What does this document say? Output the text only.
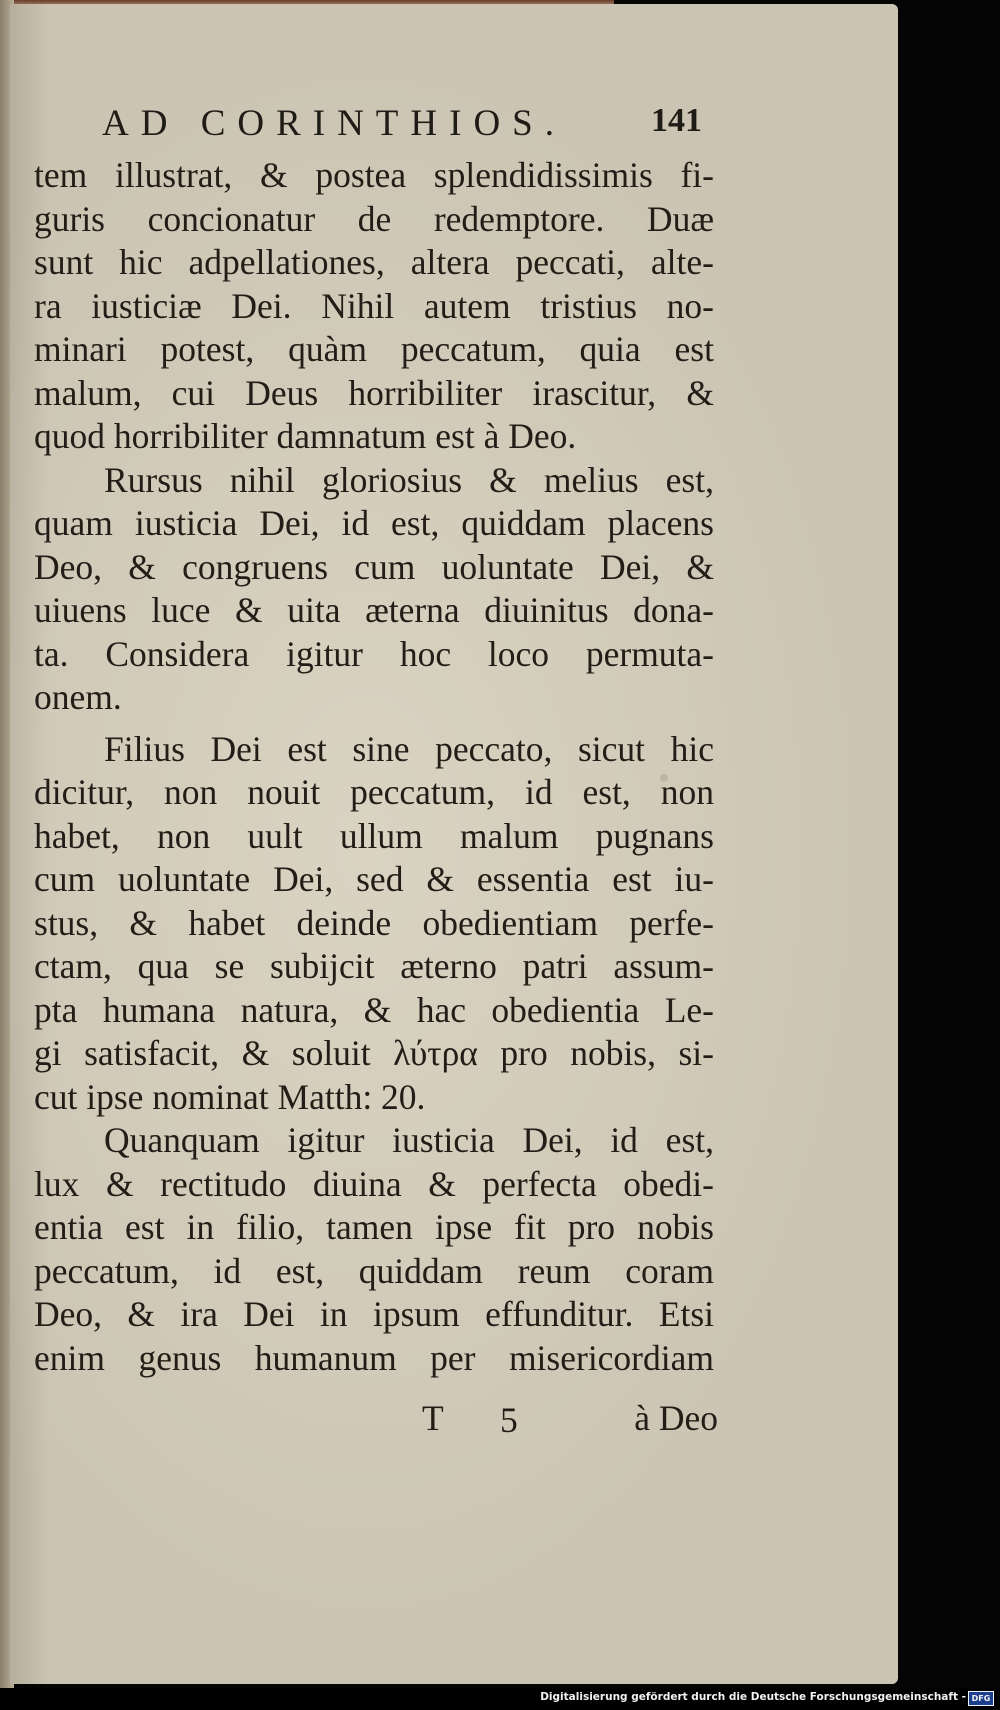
AD CORINTHIOS.	141
tem illustrat, & postea splendidissimis fi-
guris concionatur de redemptore. Duæ
sunt hic adpellationes, altera peccati, alte-
ra iusticiæ Dei. Nihil autem tristius no-
minari potest, quàm peccatum, quia est
malum, cui Deus horribiliter irascitur, &
quod horribiliter damnatum est à Deo.
Rursus nihil gloriosius & melius est,
quam iusticia Dei, id est, quiddam placens
Deo, & congruens cum uoluntate Dei, &
uiuens luce & uita æterna diuinitus dona-
ta. Considera igitur hoc loco permuta-
onem.
Filius Dei est sine peccato, sicut hic
dicitur, non nouit peccatum, id est, non
habet, non uult ullum malum pugnans
cum uoluntate Dei, sed & essentia est iu-
stus, & habet deinde obedientiam perfe-
ctam, qua se subijcit æterno patri assum-
pta humana natura, & hac obedientia Le-
gi satisfacit, & soluit λύτρα pro nobis, si-
cut ipse nominat Matth: 20.
Quanquam igitur iusticia Dei, id est,
lux & rectitudo diuina & perfecta obedi-
entia est in filio, tamen ipse fit pro nobis
peccatum, id est, quiddam reum coram
Deo, & ira Dei in ipsum effunditur. Etsi
enim genus humanum per misericordiam
T 5	à Deo
Digitalisierung gefördert durch die Deutsche Forschungsgemeinschaft - DFG
